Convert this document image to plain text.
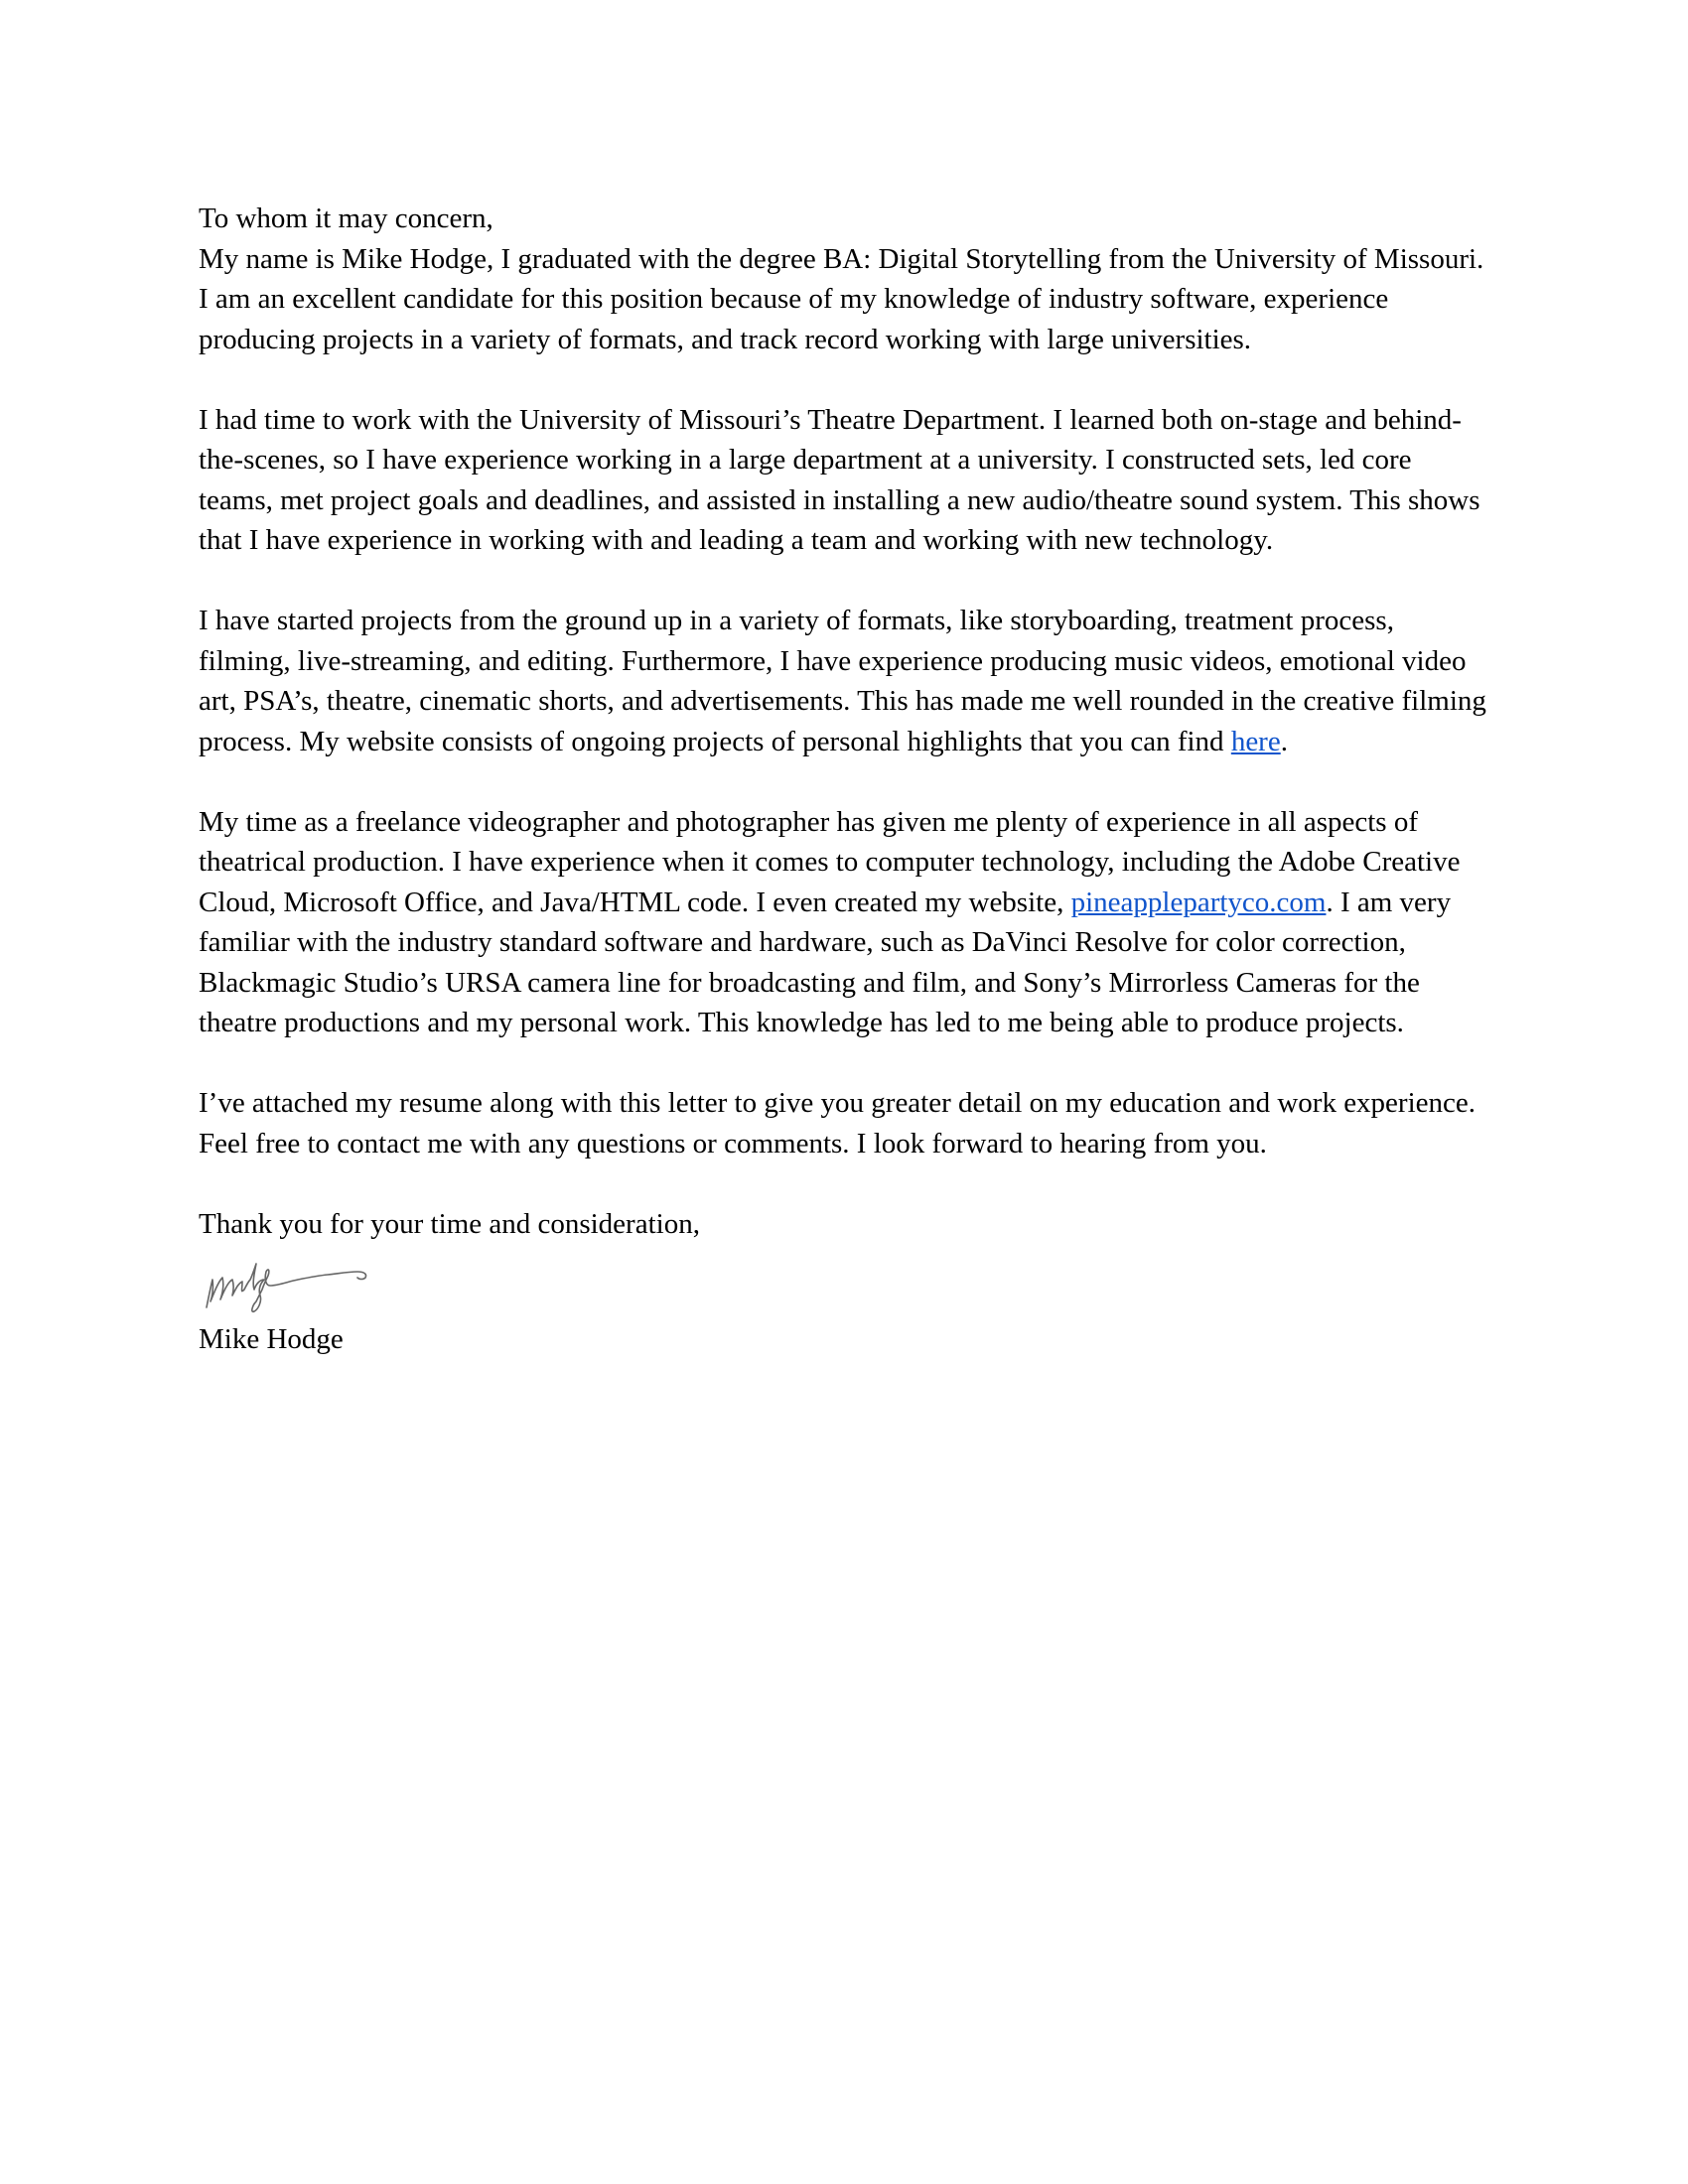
To whom it may concern,

My name is Mike Hodge, I graduated with the degree BA: Digital Storytelling from the University of Missouri. I am an excellent candidate for this position because of my knowledge of industry software, experience producing projects in a variety of formats, and track record working with large universities.

I had time to work with the University of Missouri’s Theatre Department. I learned both on-stage and behind-the-scenes, so I have experience working in a large department at a university. I constructed sets, led core teams, met project goals and deadlines, and assisted in installing a new audio/theatre sound system. This shows that I have experience in working with and leading a team and working with new technology.

I have started projects from the ground up in a variety of formats, like storyboarding, treatment process, filming, live-streaming, and editing. Furthermore, I have experience producing music videos, emotional video art, PSA’s, theatre, cinematic shorts, and advertisements. This has made me well rounded in the creative filming process. My website consists of ongoing projects of personal highlights that you can find here.

My time as a freelance videographer and photographer has given me plenty of experience in all aspects of theatrical production. I have experience when it comes to computer technology, including the Adobe Creative Cloud, Microsoft Office, and Java/HTML code. I even created my website, pineapplepartyco.com. I am very familiar with the industry standard software and hardware, such as DaVinci Resolve for color correction, Blackmagic Studio’s URSA camera line for broadcasting and film, and Sony’s Mirrorless Cameras for the theatre productions and my personal work. This knowledge has led to me being able to produce projects.

I’ve attached my resume along with this letter to give you greater detail on my education and work experience. Feel free to contact me with any questions or comments. I look forward to hearing from you.

Thank you for your time and consideration,

Mike Hodge
